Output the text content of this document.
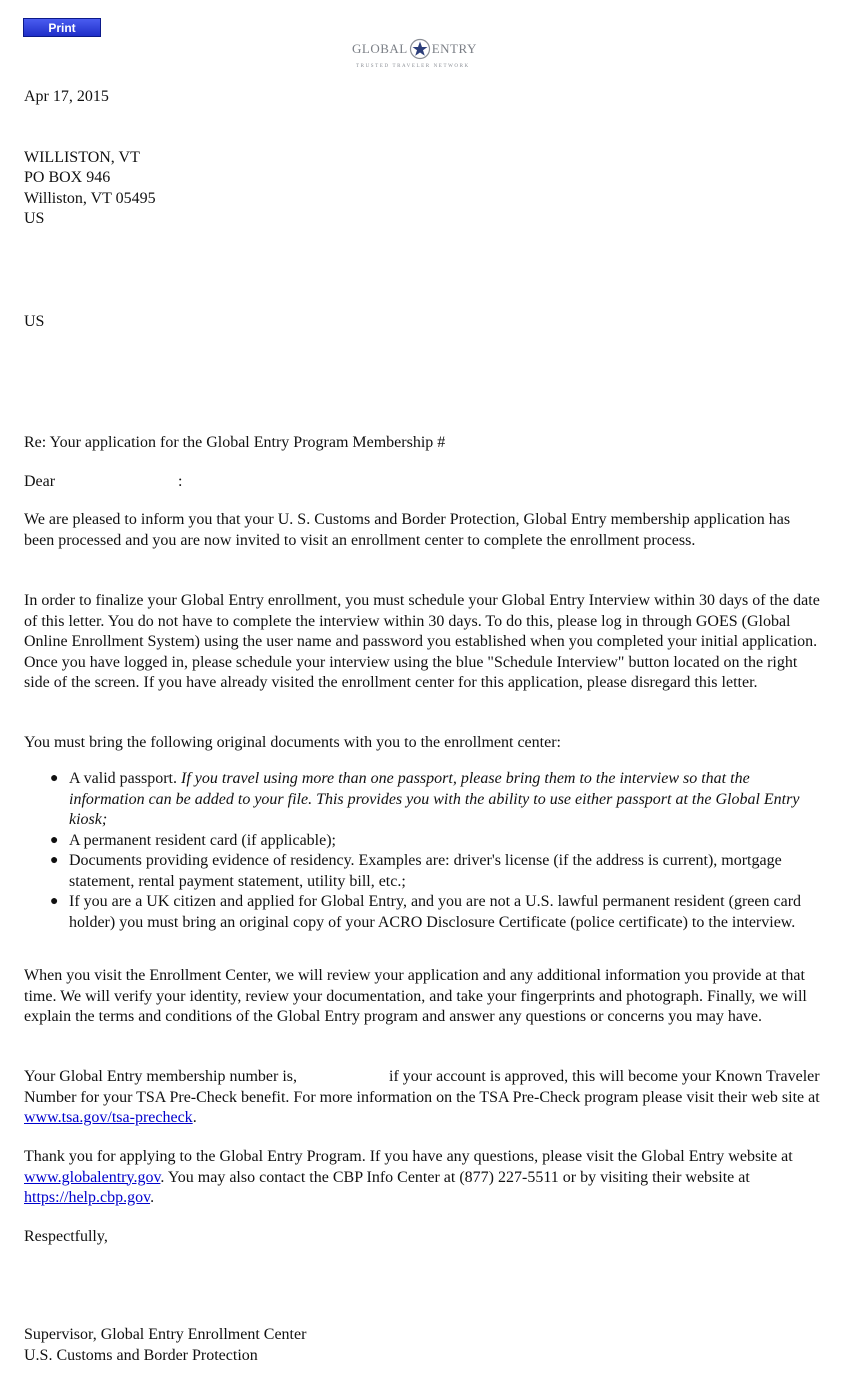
Print
GLOBAL ENTRY
TRUSTED TRAVELER NETWORK
Apr 17, 2015
WILLISTON, VT
PO BOX 946
Williston, VT 05495
US
US
Re: Your application for the Global Entry Program Membership #
Dear	:

We are pleased to inform you that your U. S. Customs and Border Protection, Global Entry membership application has been processed and you are now invited to visit an enrollment center to complete the enrollment process.

In order to finalize your Global Entry enrollment, you must schedule your Global Entry Interview within 30 days of the date of this letter. You do not have to complete the interview within 30 days. To do this, please log in through GOES (Global Online Enrollment System) using the user name and password you established when you completed your initial application. Once you have logged in, please schedule your interview using the blue "Schedule Interview" button located on the right side of the screen. If you have already visited the enrollment center for this application, please disregard this letter.

You must bring the following original documents with you to the enrollment center:

● A valid passport. If you travel using more than one passport, please bring them to the interview so that the information can be added to your file. This provides you with the ability to use either passport at the Global Entry kiosk;
● A permanent resident card (if applicable);
● Documents providing evidence of residency. Examples are: driver's license (if the address is current), mortgage statement, rental payment statement, utility bill, etc.;
● If you are a UK citizen and applied for Global Entry, and you are not a U.S. lawful permanent resident (green card holder) you must bring an original copy of your ACRO Disclosure Certificate (police certificate) to the interview.

When you visit the Enrollment Center, we will review your application and any additional information you provide at that time. We will verify your identity, review your documentation, and take your fingerprints and photograph. Finally, we will explain the terms and conditions of the Global Entry program and answer any questions or concerns you may have.

Your Global Entry membership number is,	if your account is approved, this will become your Known Traveler Number for your TSA Pre-Check benefit. For more information on the TSA Pre-Check program please visit their web site at www.tsa.gov/tsa-precheck.

Thank you for applying to the Global Entry Program. If you have any questions, please visit the Global Entry website at www.globalentry.gov. You may also contact the CBP Info Center at (877) 227-5511 or by visiting their website at https://help.cbp.gov.

Respectfully,
Supervisor, Global Entry Enrollment Center
U.S. Customs and Border Protection
